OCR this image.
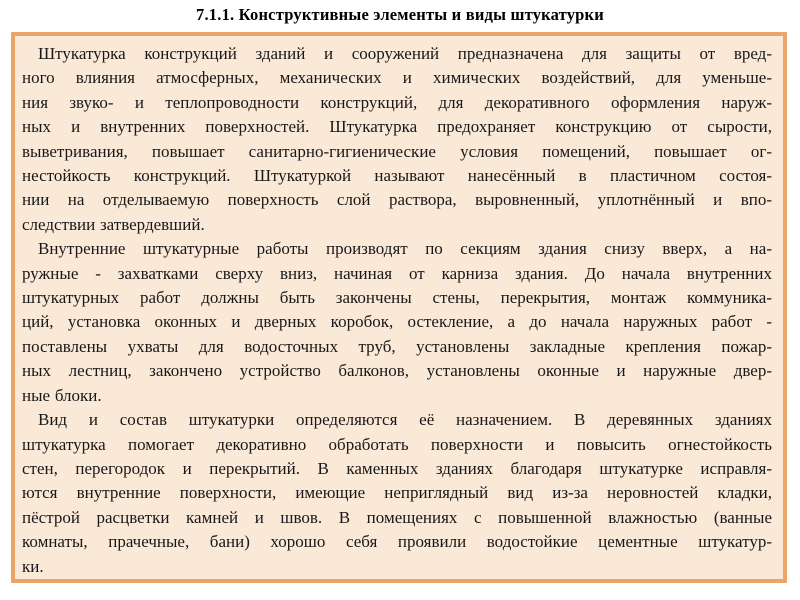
7.1.1. Конструктивные элементы и виды штукатурки
Штукатурка конструкций зданий и сооружений предназначена для защиты от вред-
ного влияния атмосферных, механических и химических воздействий, для уменьше-
ния звуко- и теплопроводности конструкций, для декоративного оформления наруж-
ных и внутренних поверхностей. Штукатурка предохраняет конструкцию от сырости,
выветривания, повышает санитарно-гигиенические условия помещений, повышает ог-
нестойкость конструкций. Штукатуркой называют нанесённый в пластичном состоя-
нии на отделываемую поверхность слой раствора, выровненный, уплотнённый и впо-
следствии затвердевший.
Внутренние штукатурные работы производят по секциям здания снизу вверх, а на-
ружные - захватками сверху вниз, начиная от карниза здания. До начала внутренних
штукатурных работ должны быть закончены стены, перекрытия, монтаж коммуника-
ций, установка оконных и дверных коробок, остекление, а до начала наружных работ -
поставлены ухваты для водосточных труб, установлены закладные крепления пожар-
ных лестниц, закончено устройство балконов, установлены оконные и наружные двер-
ные блоки.
Вид и состав штукатурки определяются её назначением. В деревянных зданиях
штукатурка помогает декоративно обработать поверхности и повысить огнестойкость
стен, перегородок и перекрытий. В каменных зданиях благодаря штукатурке исправля-
ются внутренние поверхности, имеющие неприглядный вид из-за неровностей кладки,
пёстрой расцветки камней и швов. В помещениях с повышенной влажностью (ванные
комнаты, прачечные, бани) хорошо себя проявили водостойкие цементные штукатур-
ки.
